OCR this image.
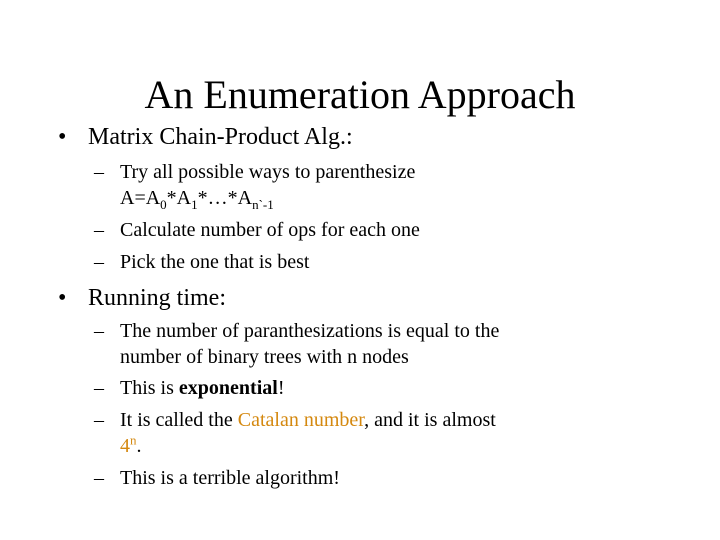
An Enumeration Approach
• Matrix Chain-Product Alg.:
– Try all possible ways to parenthesize
$A=A_0*A_1*\dots*A_{n`-1}$
– Calculate number of ops for each one
– Pick the one that is best
• Running time:
– The number of paranthesizations is equal to the
number of binary trees with n nodes
– This is exponential!
– It is called the Catalan number, and it is almost
4$^n$.
– This is a terrible algorithm!
